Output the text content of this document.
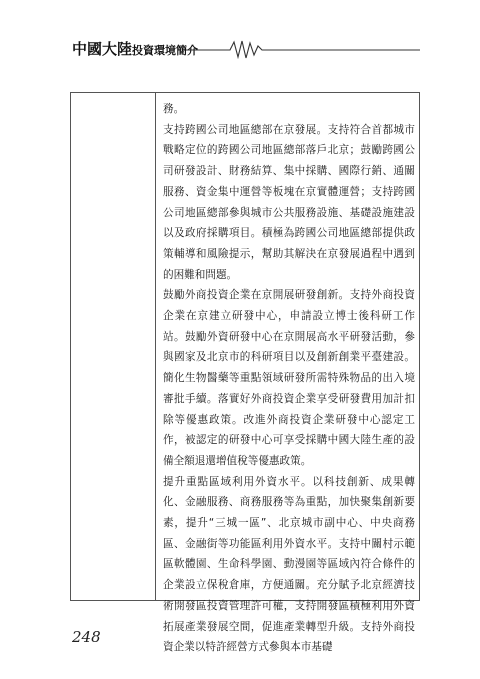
中國大陸投資環境簡介

務。

支持跨國公司地區總部在京發展。支持符合首都城市戰略定位的跨國公司地區總部落戶北京；鼓勵跨國公司研發設計、財務結算、集中採購、國際行銷、通關服務、資金集中運營等板塊在京實體運營；支持跨國公司地區總部參與城市公共服務設施、基礎設施建設以及政府採購項目。積極為跨國公司地區總部提供政策輔導和風險提示，幫助其解決在京發展過程中遇到的困難和問題。

鼓勵外商投資企業在京開展研發創新。支持外商投資企業在京建立研發中心，申請設立博士後科研工作站。鼓勵外資研發中心在京開展高水平研發活動，參與國家及北京市的科研項目以及創新創業平臺建設。簡化生物醫藥等重點領域研發所需特殊物品的出入境審批手續。落實好外商投資企業享受研發費用加計扣除等優惠政策。改進外商投資企業研發中心認定工作，被認定的研發中心可享受採購中國大陸生產的設備全額退還增值稅等優惠政策。

提升重點區域利用外資水平。以科技創新、成果轉化、金融服務、商務服務等為重點，加快聚集創新要素，提升“三城一區”、北京城市副中心、中央商務區、金融街等功能區利用外資水平。支持中關村示範區軟體園、生命科學園、動漫園等區域內符合條件的企業設立保稅倉庫，方便通關。充分賦予北京經濟技術開發區投資管理許可權，支持開發區積極利用外資拓展產業發展空間，促進產業轉型升級。支持外商投資企業以特許經營方式參與本市基礎

248
